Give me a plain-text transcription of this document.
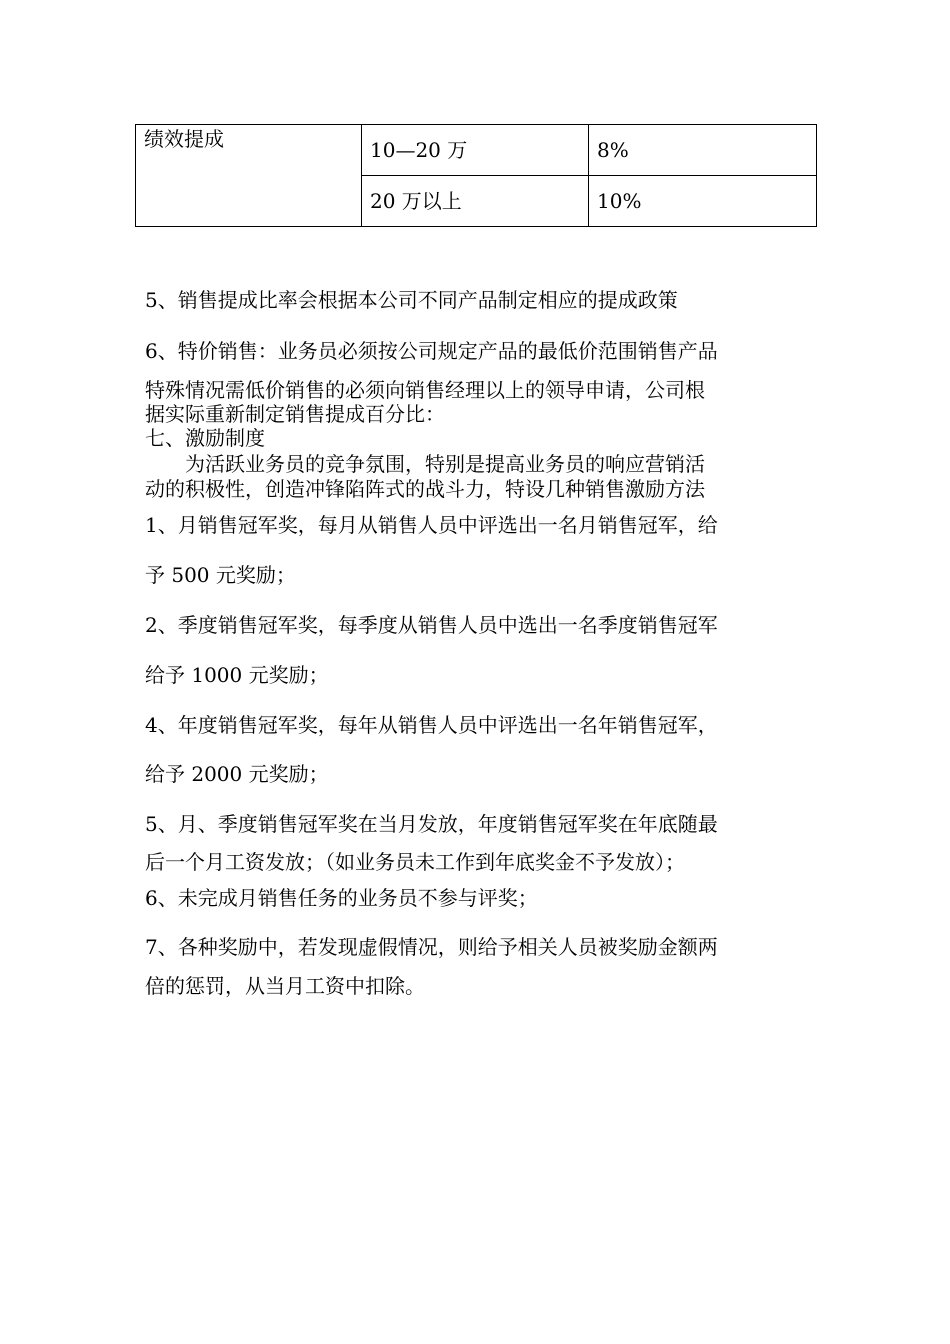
绩效提成	10—20 万	8%
	20 万以上	10%

5、销售提成比率会根据本公司不同产品制定相应的提成政策

6、特价销售：业务员必须按公司规定产品的最低价范围销售产品

特殊情况需低价销售的必须向销售经理以上的领导申请，公司根

据实际重新制定销售提成百分比：

七、激励制度

　　为活跃业务员的竞争氛围，特别是提高业务员的响应营销活

动的积极性，创造冲锋陷阵式的战斗力，特设几种销售激励方法

1、月销售冠军奖，每月从销售人员中评选出一名月销售冠军，给

予 500 元奖励；

2、季度销售冠军奖，每季度从销售人员中选出一名季度销售冠军

给予 1000 元奖励；

4、年度销售冠军奖，每年从销售人员中评选出一名年销售冠军，

给予 2000 元奖励；

5、月、季度销售冠军奖在当月发放，年度销售冠军奖在年底随最

后一个月工资发放；（如业务员未工作到年底奖金不予发放）；

6、未完成月销售任务的业务员不参与评奖；

7、各种奖励中，若发现虚假情况，则给予相关人员被奖励金额两

倍的惩罚，从当月工资中扣除。
